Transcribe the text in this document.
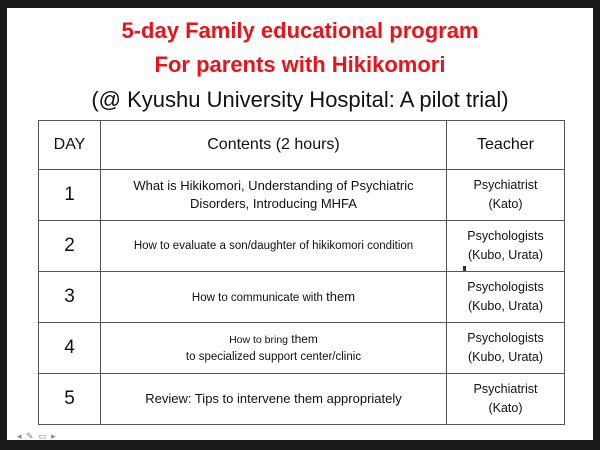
5-day Family educational program
For parents with Hikikomori
(@ Kyushu University Hospital: A pilot trial)
DAY	Contents (2 hours)	Teacher
1	What is Hikikomori, Understanding of Psychiatric
Disorders, Introducing MHFA	Psychiatrist
(Kato)

2	How to evaluate a son/daughter of hikikomori condition	Psychologists
(Kubo, Urata)

3	How to communicate with them	Psychologists
(Kubo, Urata)

4	How to bring them
to specialized support center/clinic	Psychologists
(Kubo, Urata)

5	Review: Tips to intervene them appropriately	Psychiatrist
(Kato)
◂ ✎ ▭ ▸
